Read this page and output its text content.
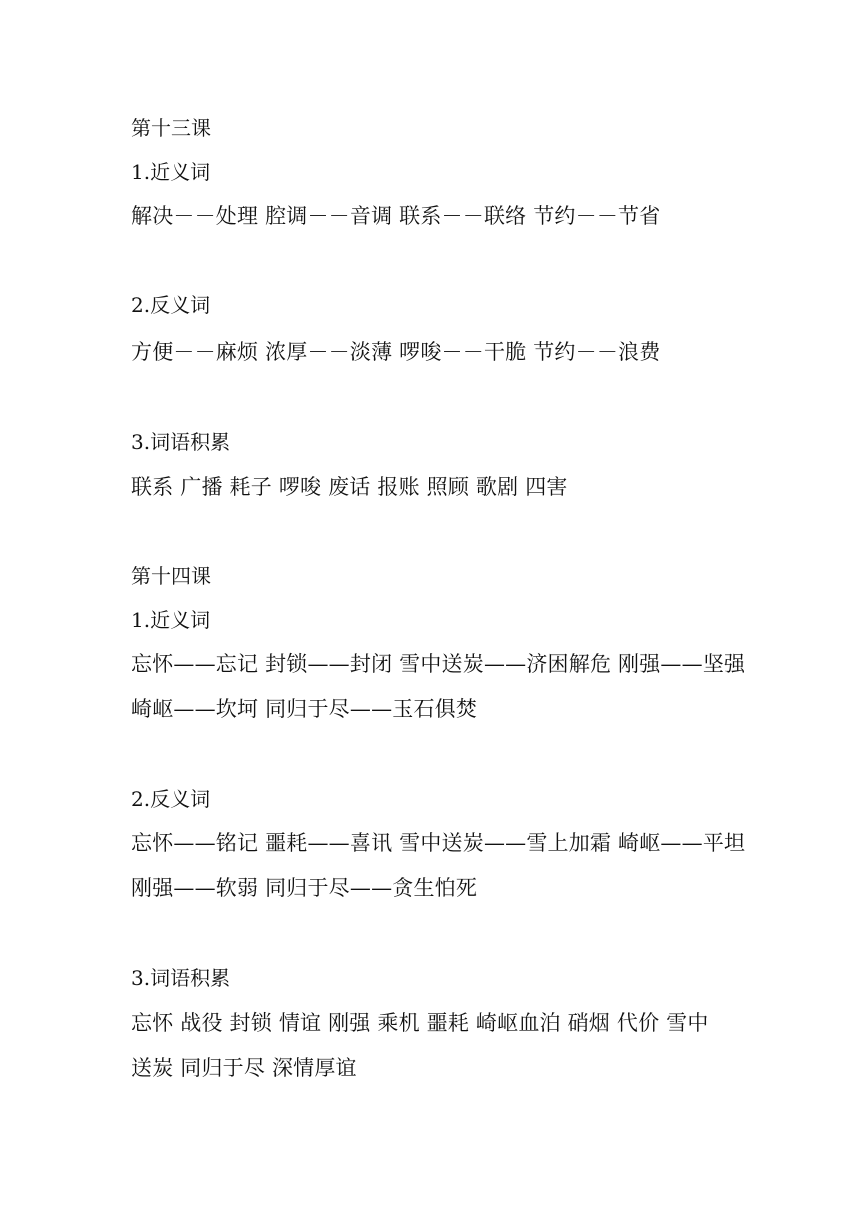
第十三课
1.近义词
解决－－处理 腔调－－音调 联系－－联络 节约－－节省
2.反义词
方便－－麻烦 浓厚－－淡薄 啰唆－－干脆 节约－－浪费
3.词语积累
联系 广播 耗子 啰唆 废话 报账 照顾 歌剧 四害
第十四课
1.近义词
忘怀——忘记 封锁——封闭 雪中送炭——济困解危 刚强——坚强
崎岖——坎坷 同归于尽——玉石俱焚
2.反义词
忘怀——铭记 噩耗——喜讯 雪中送炭——雪上加霜 崎岖——平坦
刚强——软弱 同归于尽——贪生怕死
3.词语积累
忘怀 战役 封锁 情谊 刚强 乘机 噩耗 崎岖血泊 硝烟 代价 雪中
送炭 同归于尽 深情厚谊
